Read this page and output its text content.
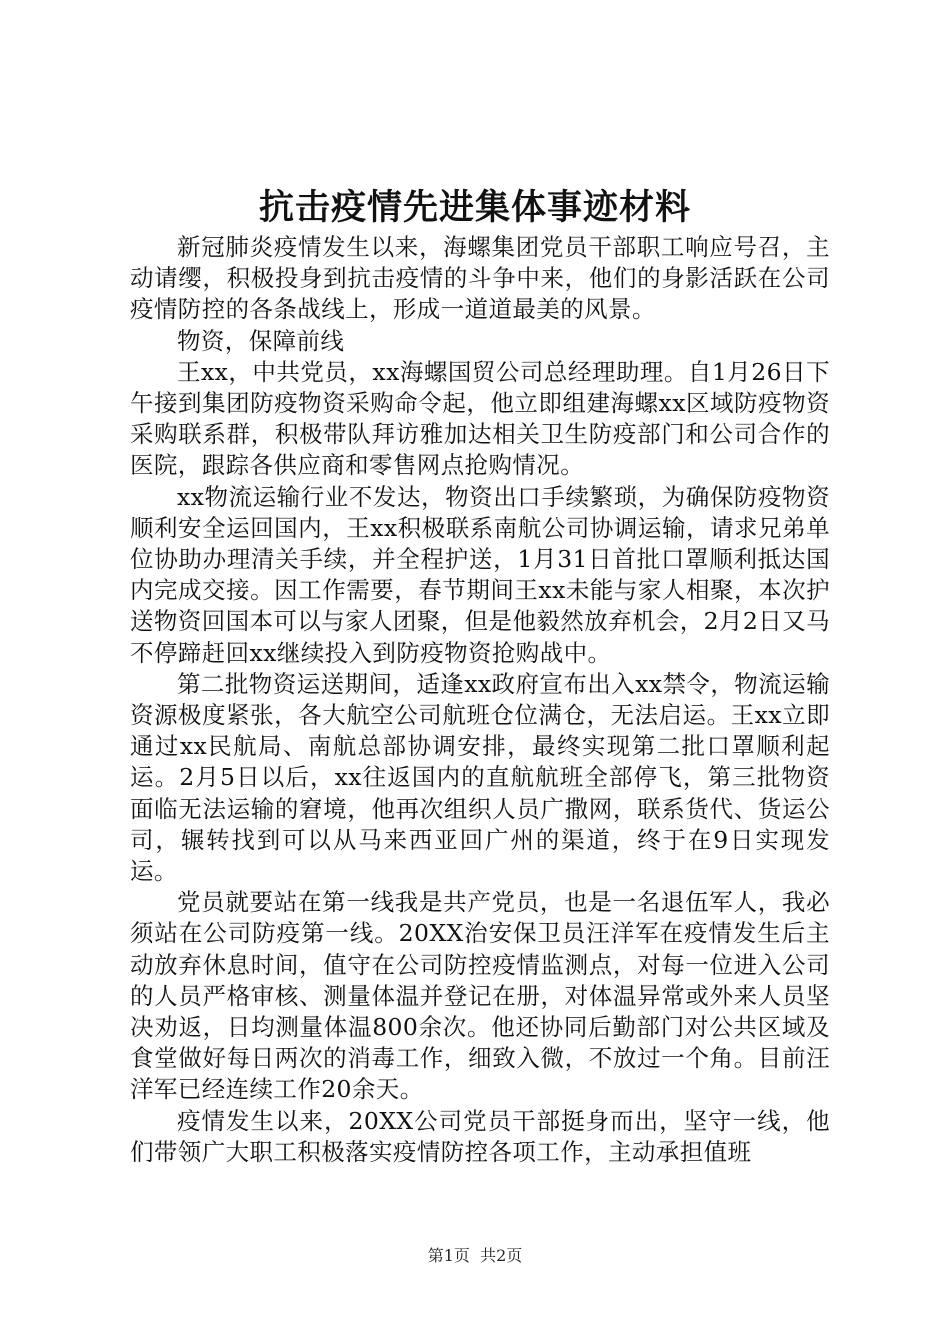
抗击疫情先进集体事迹材料

新冠肺炎疫情发生以来，海螺集团党员干部职工响应号召，主动请缨，积极投身到抗击疫情的斗争中来，他们的身影活跃在公司疫情防控的各条战线上，形成一道道最美的风景。

物资，保障前线

王xx，中共党员，xx海螺国贸公司总经理助理。自1月26日下午接到集团防疫物资采购命令起，他立即组建海螺xx区域防疫物资采购联系群，积极带队拜访雅加达相关卫生防疫部门和公司合作的医院，跟踪各供应商和零售网点抢购情况。

xx物流运输行业不发达，物资出口手续繁琐，为确保防疫物资顺利安全运回国内，王xx积极联系南航公司协调运输，请求兄弟单位协助办理清关手续，并全程护送，1月31日首批口罩顺利抵达国内完成交接。因工作需要，春节期间王xx未能与家人相聚，本次护送物资回国本可以与家人团聚，但是他毅然放弃机会，2月2日又马不停蹄赶回xx继续投入到防疫物资抢购战中。

第二批物资运送期间，适逢xx政府宣布出入xx禁令，物流运输资源极度紧张，各大航空公司航班仓位满仓，无法启运。王xx立即通过xx民航局、南航总部协调安排，最终实现第二批口罩顺利起运。2月5日以后，xx往返国内的直航航班全部停飞，第三批物资面临无法运输的窘境，他再次组织人员广撒网，联系货代、货运公司，辗转找到可以从马来西亚回广州的渠道，终于在9日实现发运。

党员就要站在第一线我是共产党员，也是一名退伍军人，我必须站在公司防疫第一线。20XX治安保卫员汪洋军在疫情发生后主动放弃休息时间，值守在公司防控疫情监测点，对每一位进入公司的人员严格审核、测量体温并登记在册，对体温异常或外来人员坚决劝返，日均测量体温800余次。他还协同后勤部门对公共区域及食堂做好每日两次的消毒工作，细致入微，不放过一个角。目前汪洋军已经连续工作20余天。

疫情发生以来，20XX公司党员干部挺身而出，坚守一线，他们带领广大职工积极落实疫情防控各项工作，主动承担值班

第1页  共2页
